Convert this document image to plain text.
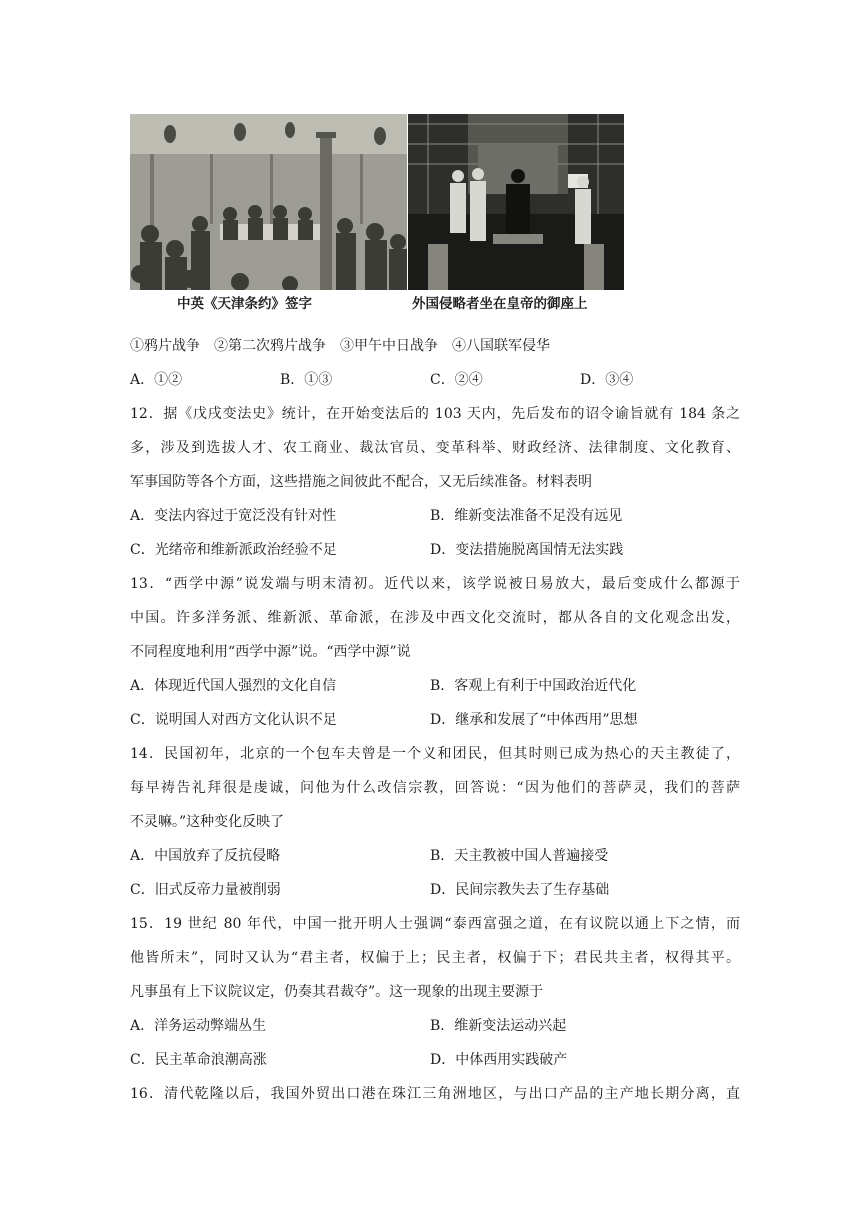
中英《天津条约》签字	外国侵略者坐在皇帝的御座上
①鸦片战争　②第二次鸦片战争　③甲午中日战争　④八国联军侵华
A．①②	B．①③	C．②④	D．③④
12．据《戊戌变法史》统计，在开始变法后的 103 天内，先后发布的诏令谕旨就有 184 条之
多，涉及到选拔人才、农工商业、裁汰官员、变革科举、财政经济、法律制度、文化教育、
军事国防等各个方面，这些措施之间彼此不配合，又无后续准备。材料表明
A．变法内容过于宽泛没有针对性	B．维新变法准备不足没有远见
C．光绪帝和维新派政治经验不足	D．变法措施脱离国情无法实践
13．“西学中源”说发端与明末清初。近代以来，该学说被日易放大，最后变成什么都源于
中国。许多洋务派、维新派、革命派，在涉及中西文化交流时，都从各自的文化观念出发，
不同程度地利用“西学中源”说。“西学中源”说
A．体现近代国人强烈的文化自信	B．客观上有利于中国政治近代化
C．说明国人对西方文化认识不足	D．继承和发展了“中体西用”思想
14．民国初年，北京的一个包车夫曾是一个义和团民，但其时则已成为热心的天主教徒了，
每早祷告礼拜很是虔诚，问他为什么改信宗教，回答说：“因为他们的菩萨灵，我们的菩萨
不灵嘛。”这种变化反映了
A．中国放弃了反抗侵略	B．天主教被中国人普遍接受
C．旧式反帝力量被削弱	D．民间宗教失去了生存基础
15．19 世纪 80 年代，中国一批开明人士强调“泰西富强之道，在有议院以通上下之情，而
他皆所末”，同时又认为“君主者，权偏于上；民主者，权偏于下；君民共主者，权得其平。
凡事虽有上下议院议定，仍奏其君裁夺”。这一现象的出现主要源于
A．洋务运动弊端丛生	B．维新变法运动兴起
C．民主革命浪潮高涨	D．中体西用实践破产
16．清代乾隆以后，我国外贸出口港在珠江三角洲地区，与出口产品的主产地长期分离，直
